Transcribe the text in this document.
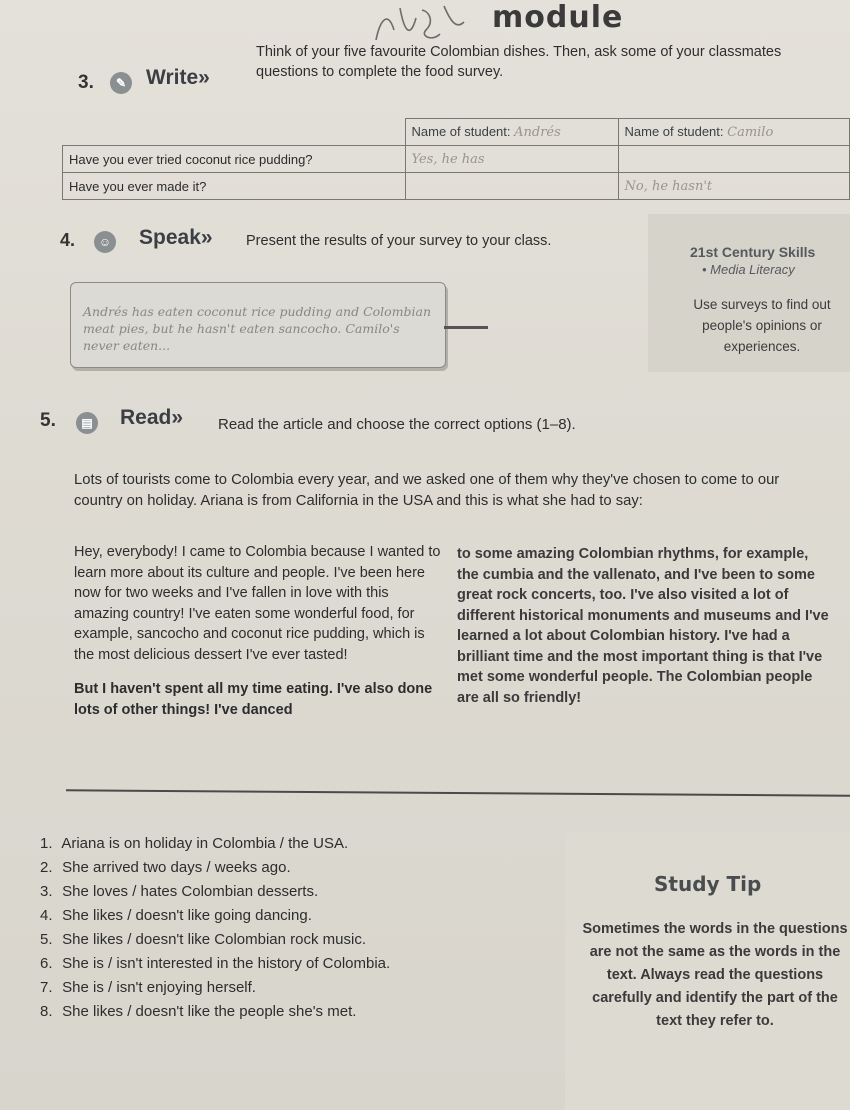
module
3.	✎ Write»
Think of your five favourite Colombian dishes. Then, ask some of your classmates questions to complete the food survey.
	Name of student: Andrés	Name of student: Camilo
Have you ever tried coconut rice pudding?	Yes, he has	
Have you ever made it?		No, he hasn't
4.	☺ Speak» Present the results of your survey to your class.
Andrés has eaten coconut rice pudding and Colombian meat pies, but he hasn't eaten sancocho. Camilo's never eaten...
21st Century Skills
• Media Literacy
Use surveys to find out people's opinions or experiences.
5.	▤ Read» Read the article and choose the correct options (1–8).
Lots of tourists come to Colombia every year, and we asked one of them why they've chosen to come to our country on holiday. Ariana is from California in the USA and this is what she had to say:
Hey, everybody! I came to Colombia because I wanted to learn more about its culture and people. I've been here now for two weeks and I've fallen in love with this amazing country! I've eaten some wonderful food, for example, sancocho and coconut rice pudding, which is the most delicious dessert I've ever tasted!
But I haven't spent all my time eating. I've also done lots of other things! I've danced
to some amazing Colombian rhythms, for example, the cumbia and the vallenato, and I've been to some great rock concerts, too. I've also visited a lot of different historical monuments and museums and I've learned a lot about Colombian history. I've had a brilliant time and the most important thing is that I've met some wonderful people. The Colombian people are all so friendly!
1. Ariana is on holiday in Colombia / the USA.
2. She arrived two days / weeks ago.
3. She loves / hates Colombian desserts.
4. She likes / doesn't like going dancing.
5. She likes / doesn't like Colombian rock music.
6. She is / isn't interested in the history of Colombia.
7. She is / isn't enjoying herself.
8. She likes / doesn't like the people she's met.
Study Tip
Sometimes the words in the questions are not the same as the words in the text. Always read the questions carefully and identify the part of the text they refer to.
